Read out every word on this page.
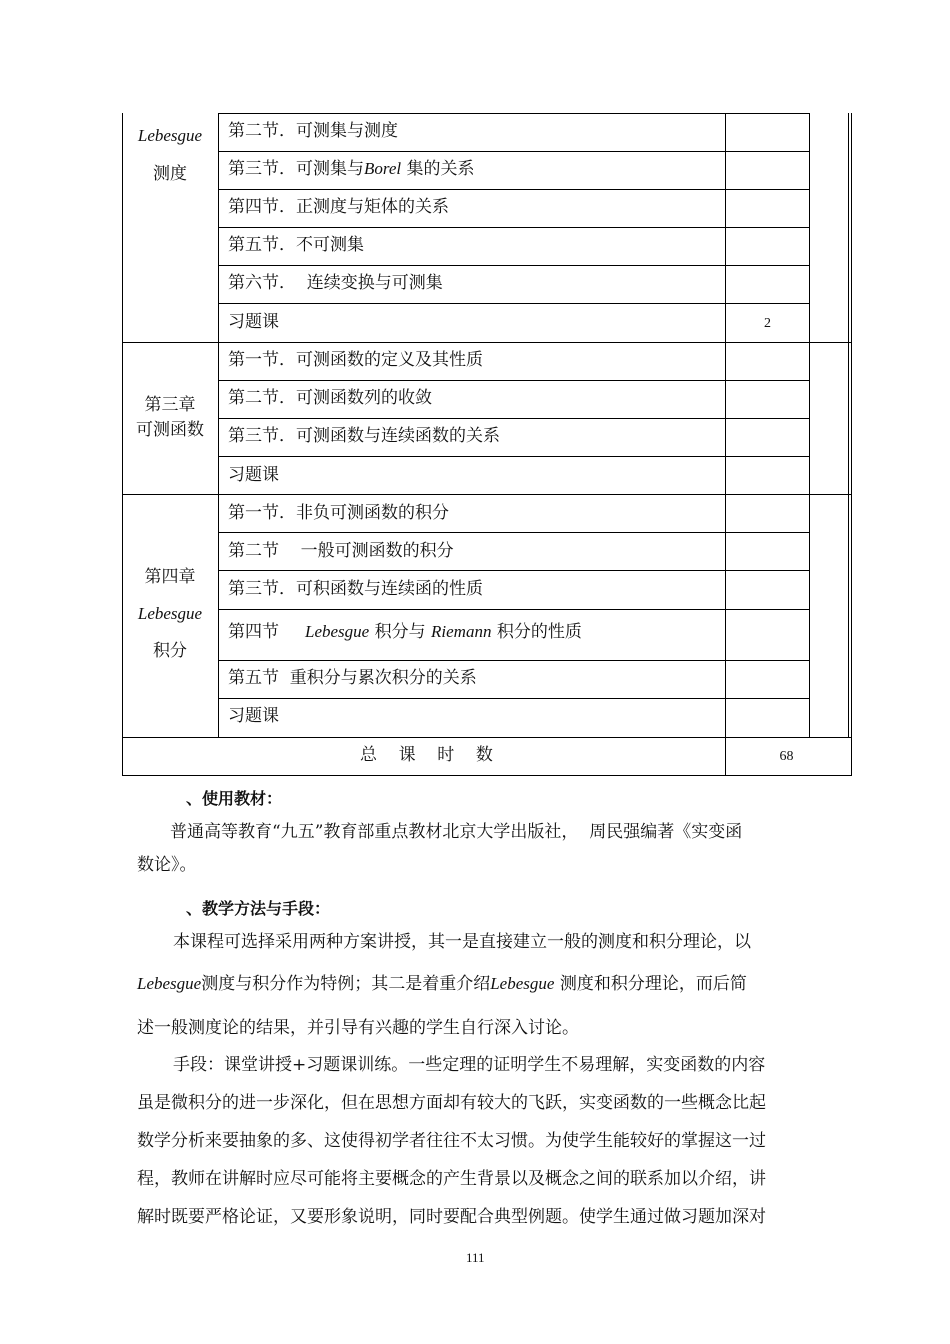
Lebesgue
测度
第二节．可测集与测度
第三节．可测集与Borel 集的关系
第四节．正测度与矩体的关系
第五节．不可测集
第六节．  连续变换与可测集
习题课	2
第三章
可测函数
第一节．可测函数的定义及其性质
第二节．可测函数列的收敛
第三节．可测函数与连续函数的关系
习题课
第四章
Lebesgue
积分
第一节．非负可测函数的积分
第二节    一般可测函数的积分
第三节．可积函数与连续函的性质
第四节 Lebesgue 积分与 Riemann 积分的性质
第五节  重积分与累次积分的关系
习题课
总    课    时    数	68
、使用教材：
普通高等教育“九五”教育部重点教材北京大学出版社，  周民强编著《实变函
数论》。
、教学方法与手段：
本课程可选择采用两种方案讲授，其一是直接建立一般的测度和积分理论，以
Lebesgue测度与积分作为特例；其二是着重介绍Lebesgue 测度和积分理论，而后简
述一般测度论的结果，并引导有兴趣的学生自行深入讨论。
手段：课堂讲授+习题课训练。一些定理的证明学生不易理解，实变函数的内容
虽是微积分的进一步深化，但在思想方面却有较大的飞跃，实变函数的一些概念比起
数学分析来要抽象的多、这使得初学者往往不太习惯。为使学生能较好的掌握这一过
程，教师在讲解时应尽可能将主要概念的产生背景以及概念之间的联系加以介绍，讲
解时既要严格论证，又要形象说明，同时要配合典型例题。使学生通过做习题加深对
111
